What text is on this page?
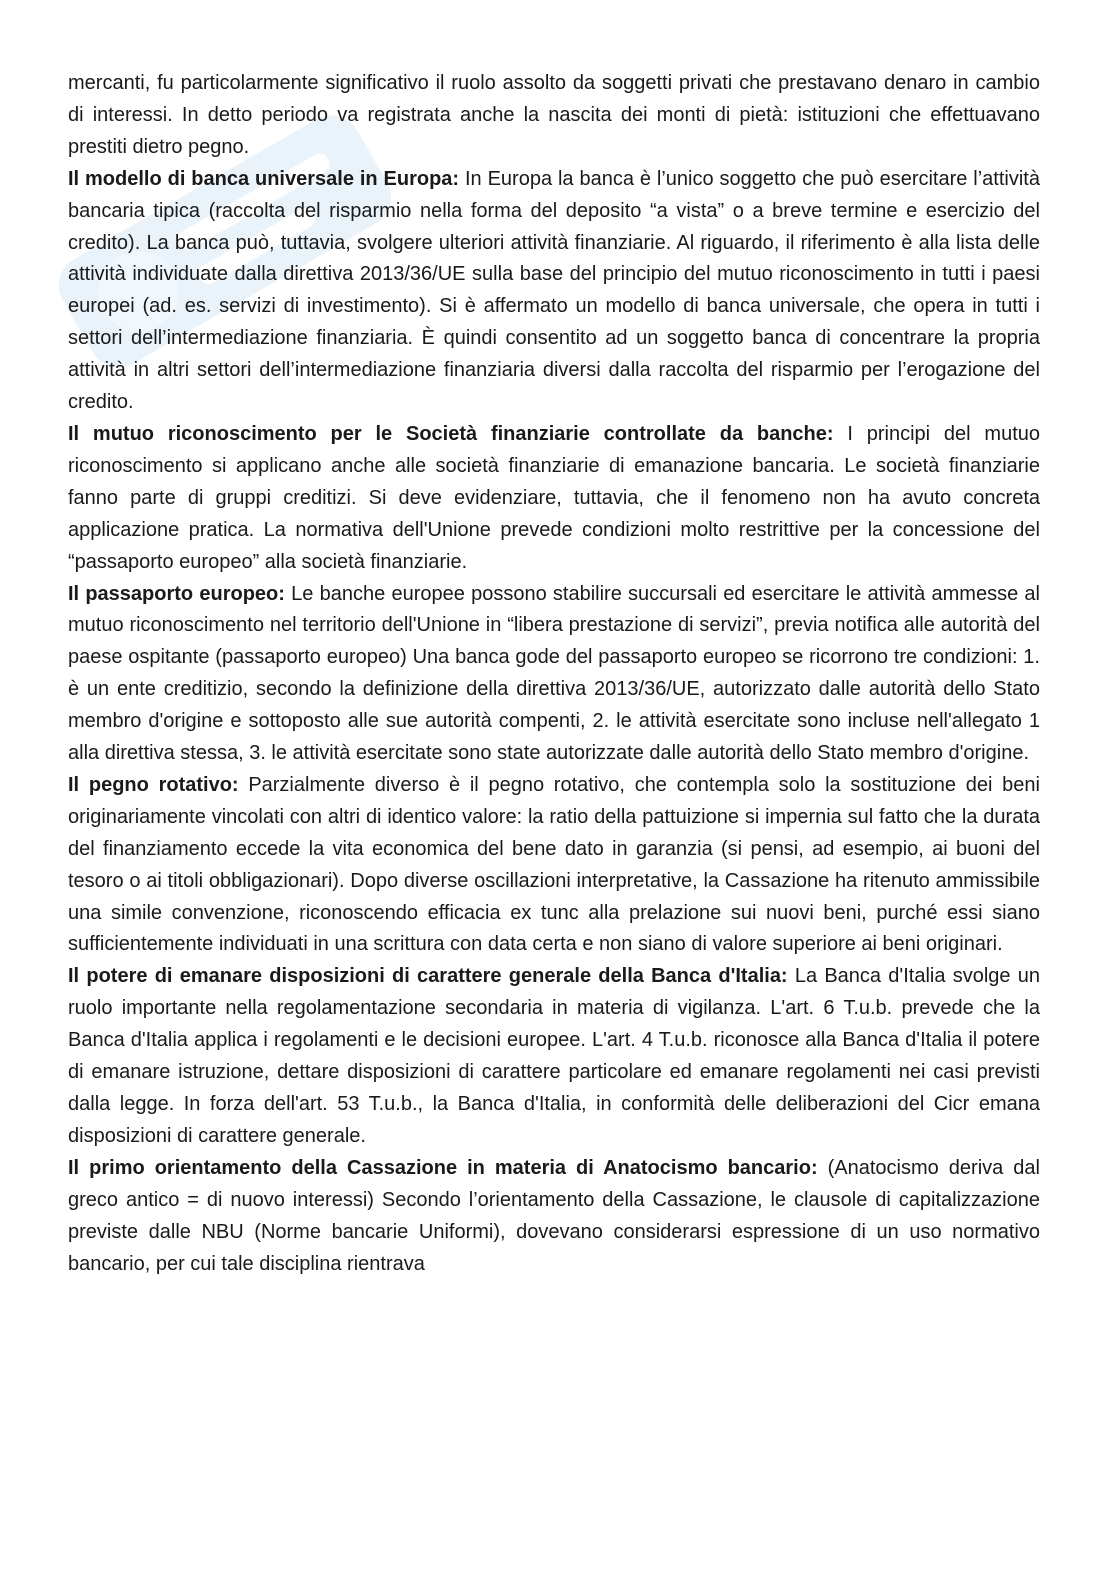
mercanti, fu particolarmente significativo il ruolo assolto da soggetti privati che prestavano denaro in cambio di interessi. In detto periodo va registrata anche la nascita dei monti di pietà: istituzioni che effettuavano prestiti dietro pegno.

Il modello di banca universale in Europa: In Europa la banca è l’unico soggetto che può esercitare l’attività bancaria tipica (raccolta del risparmio nella forma del deposito “a vista” o a breve termine e esercizio del credito). La banca può, tuttavia, svolgere ulteriori attività finanziarie. Al riguardo, il riferimento è alla lista delle attività individuate dalla direttiva 2013/36/UE sulla base del principio del mutuo riconoscimento in tutti i paesi europei (ad. es. servizi di investimento). Si è affermato un modello di banca universale, che opera in tutti i settori dell’intermediazione finanziaria. È quindi consentito ad un soggetto banca di concentrare la propria attività in altri settori dell’intermediazione finanziaria diversi dalla raccolta del risparmio per l’erogazione del credito.

Il mutuo riconoscimento per le Società finanziarie controllate da banche: I principi del mutuo riconoscimento si applicano anche alle società finanziarie di emanazione bancaria. Le società finanziarie fanno parte di gruppi creditizi. Si deve evidenziare, tuttavia, che il fenomeno non ha avuto concreta applicazione pratica. La normativa dell'Unione prevede condizioni molto restrittive per la concessione del “passaporto europeo” alla società finanziarie.

Il passaporto europeo: Le banche europee possono stabilire succursali ed esercitare le attività ammesse al mutuo riconoscimento nel territorio dell'Unione in “libera prestazione di servizi”, previa notifica alle autorità del paese ospitante (passaporto europeo) Una banca gode del passaporto europeo se ricorrono tre condizioni: 1. è un ente creditizio, secondo la definizione della direttiva 2013/36/UE, autorizzato dalle autorità dello Stato membro d'origine e sottoposto alle sue autorità compenti, 2. le attività esercitate sono incluse nell'allegato 1 alla direttiva stessa, 3. le attività esercitate sono state autorizzate dalle autorità dello Stato membro d'origine.

Il pegno rotativo: Parzialmente diverso è il pegno rotativo, che contempla solo la sostituzione dei beni originariamente vincolati con altri di identico valore: la ratio della pattuizione si impernia sul fatto che la durata del finanziamento eccede la vita economica del bene dato in garanzia (si pensi, ad esempio, ai buoni del tesoro o ai titoli obbligazionari). Dopo diverse oscillazioni interpretative, la Cassazione ha ritenuto ammissibile una simile convenzione, riconoscendo efficacia ex tunc alla prelazione sui nuovi beni, purché essi siano sufficientemente individuati in una scrittura con data certa e non siano di valore superiore ai beni originari.

Il potere di emanare disposizioni di carattere generale della Banca d'Italia: La Banca d'Italia svolge un ruolo importante nella regolamentazione secondaria in materia di vigilanza. L'art. 6 T.u.b. prevede che la Banca d'Italia applica i regolamenti e le decisioni europee. L'art. 4 T.u.b. riconosce alla Banca d'Italia il potere di emanare istruzione, dettare disposizioni di carattere particolare ed emanare regolamenti nei casi previsti dalla legge. In forza dell'art. 53 T.u.b., la Banca d'Italia, in conformità delle deliberazioni del Cicr emana disposizioni di carattere generale.

Il primo orientamento della Cassazione in materia di Anatocismo bancario: (Anatocismo deriva dal greco antico = di nuovo interessi) Secondo l’orientamento della Cassazione, le clausole di capitalizzazione previste dalle NBU (Norme bancarie Uniformi), dovevano considerarsi espressione di un uso normativo bancario, per cui tale disciplina rientrava
